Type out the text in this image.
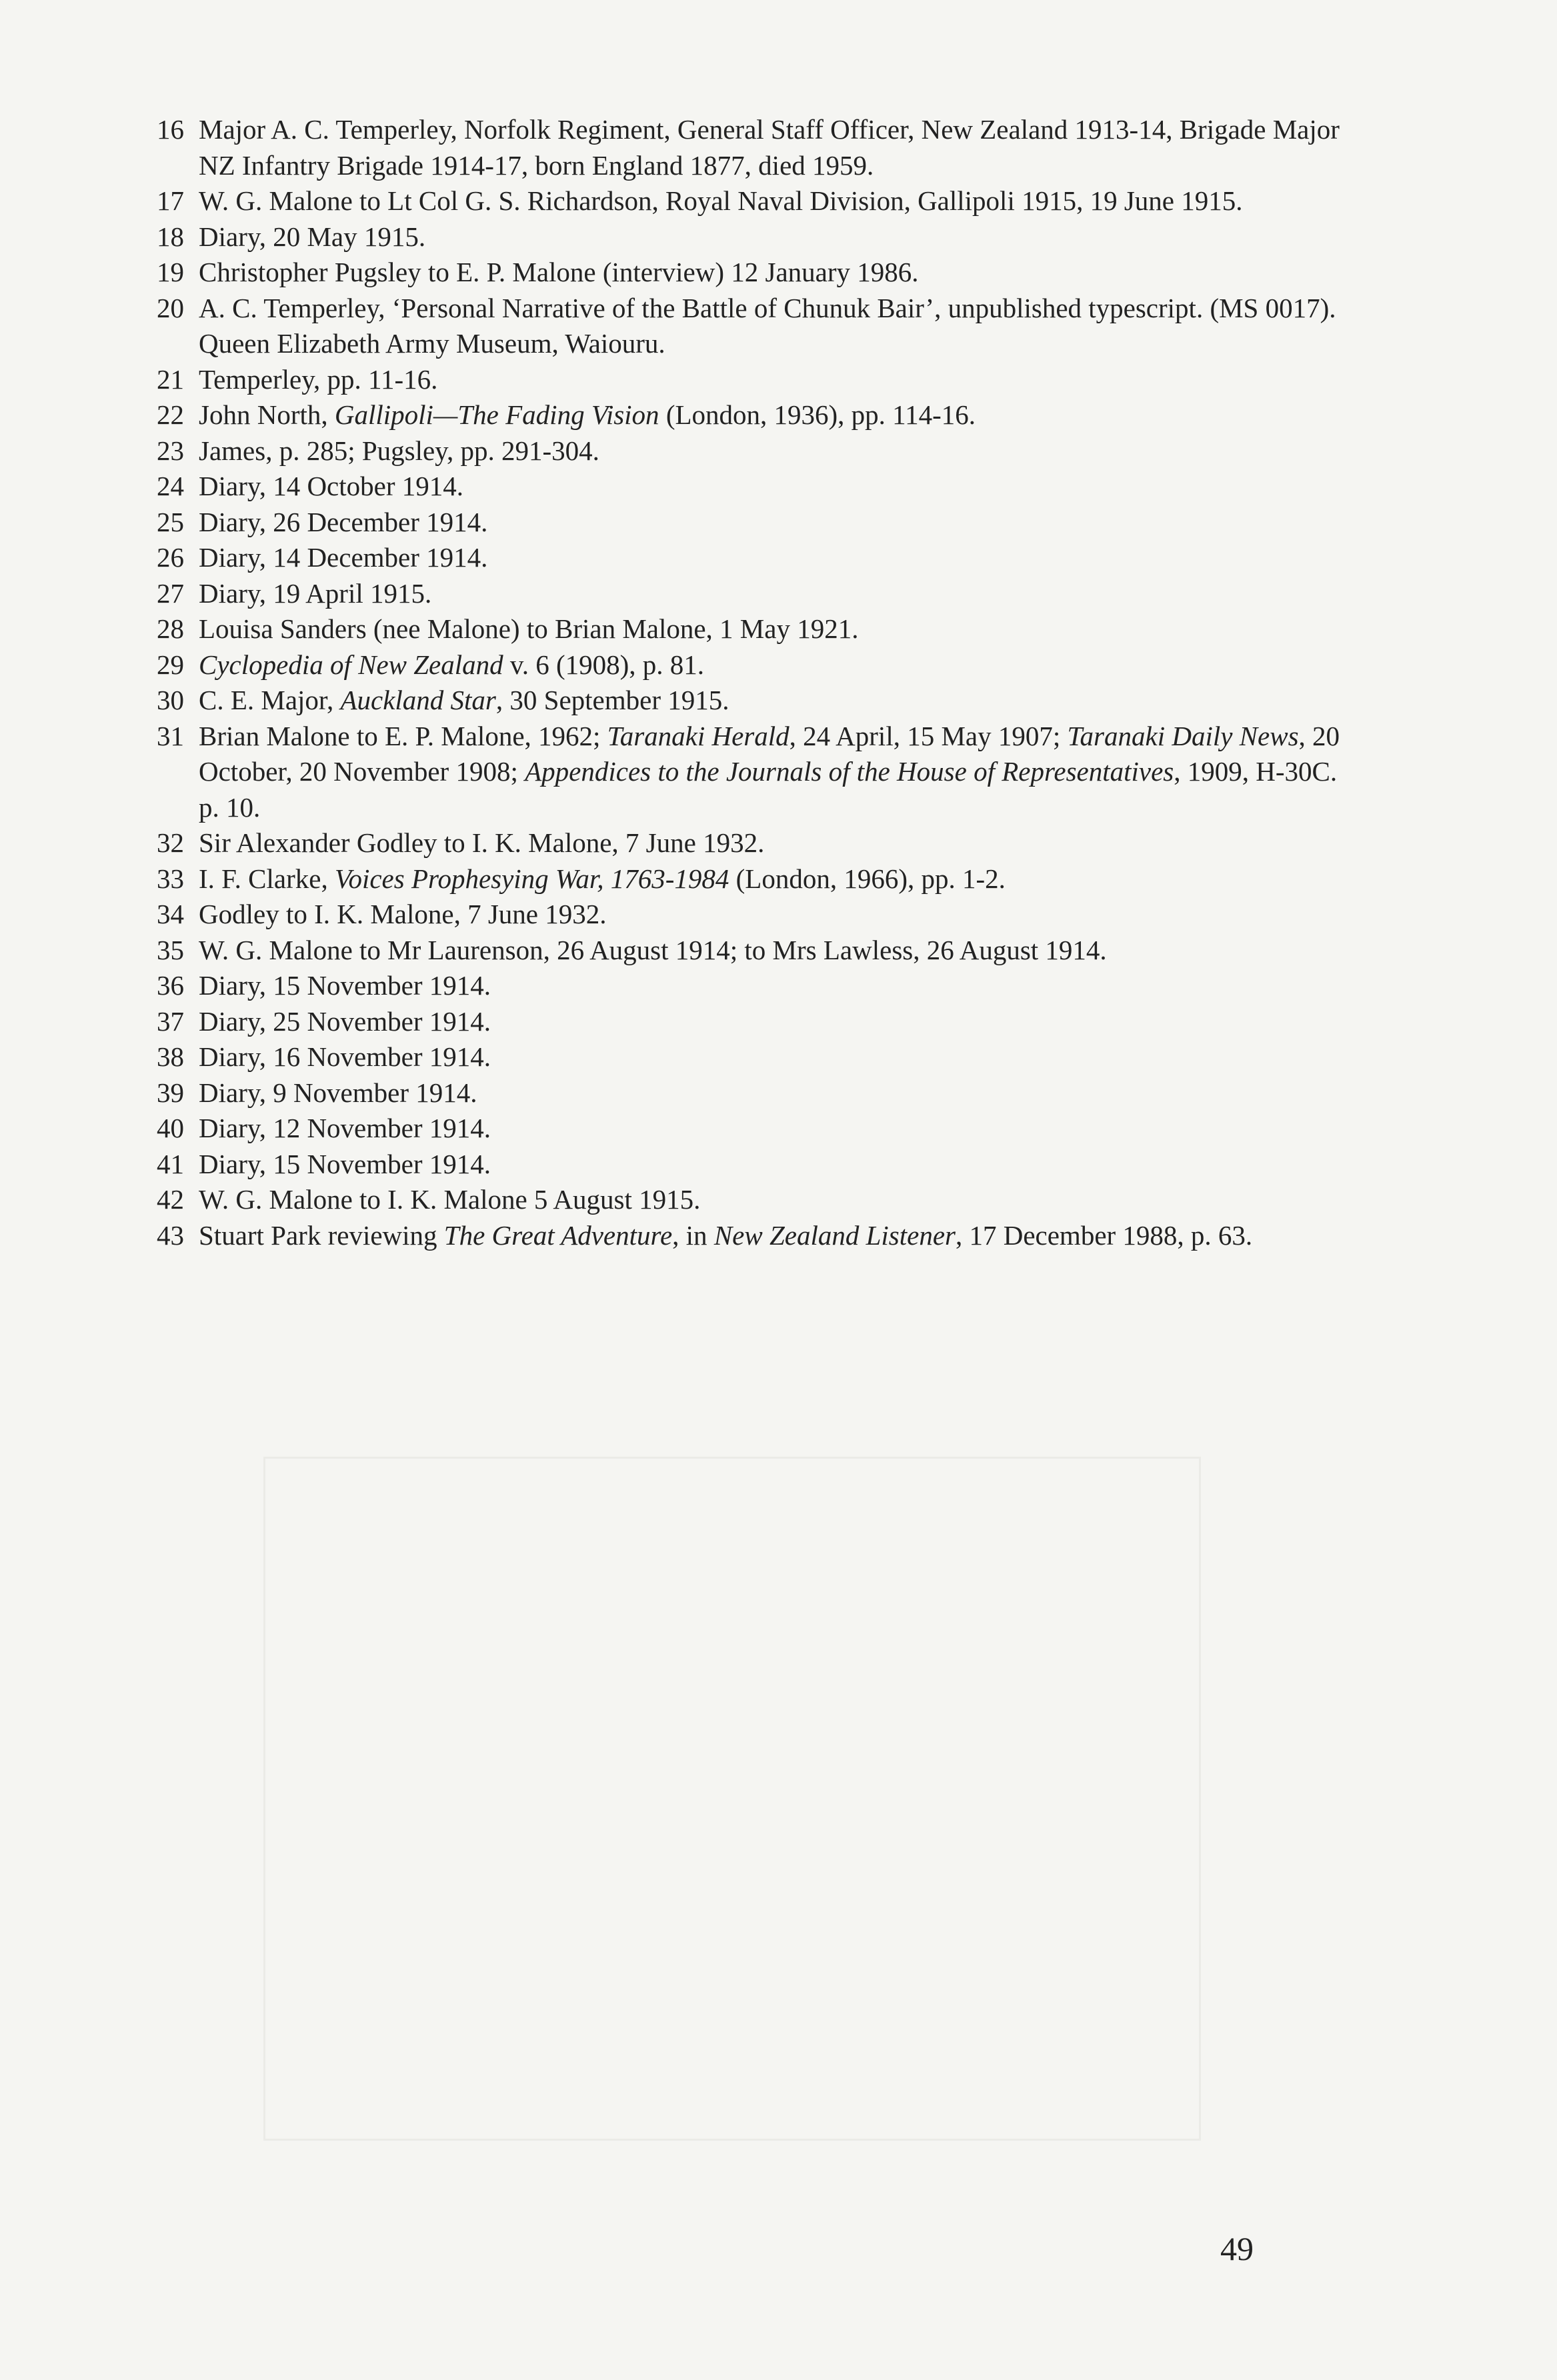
16 Major A. C. Temperley, Norfolk Regiment, General Staff Officer, New Zealand 1913-14, Brigade Major NZ Infantry Brigade 1914-17, born England 1877, died 1959.
17 W. G. Malone to Lt Col G. S. Richardson, Royal Naval Division, Gallipoli 1915, 19 June 1915.
18 Diary, 20 May 1915.
19 Christopher Pugsley to E. P. Malone (interview) 12 January 1986.
20 A. C. Temperley, ‘Personal Narrative of the Battle of Chunuk Bair’, unpublished typescript. (MS 0017). Queen Elizabeth Army Museum, Waiouru.
21 Temperley, pp. 11-16.
22 John North, Gallipoli—The Fading Vision (London, 1936), pp. 114-16.
23 James, p. 285; Pugsley, pp. 291-304.
24 Diary, 14 October 1914.
25 Diary, 26 December 1914.
26 Diary, 14 December 1914.
27 Diary, 19 April 1915.
28 Louisa Sanders (nee Malone) to Brian Malone, 1 May 1921.
29 Cyclopedia of New Zealand v. 6 (1908), p. 81.
30 C. E. Major, Auckland Star, 30 September 1915.
31 Brian Malone to E. P. Malone, 1962; Taranaki Herald, 24 April, 15 May 1907; Taranaki Daily News, 20 October, 20 November 1908; Appendices to the Journals of the House of Representatives, 1909, H-30C. p. 10.
32 Sir Alexander Godley to I. K. Malone, 7 June 1932.
33 I. F. Clarke, Voices Prophesying War, 1763-1984 (London, 1966), pp. 1-2.
34 Godley to I. K. Malone, 7 June 1932.
35 W. G. Malone to Mr Laurenson, 26 August 1914; to Mrs Lawless, 26 August 1914.
36 Diary, 15 November 1914.
37 Diary, 25 November 1914.
38 Diary, 16 November 1914.
39 Diary, 9 November 1914.
40 Diary, 12 November 1914.
41 Diary, 15 November 1914.
42 W. G. Malone to I. K. Malone 5 August 1915.
43 Stuart Park reviewing The Great Adventure, in New Zealand Listener, 17 December 1988, p. 63.
49
